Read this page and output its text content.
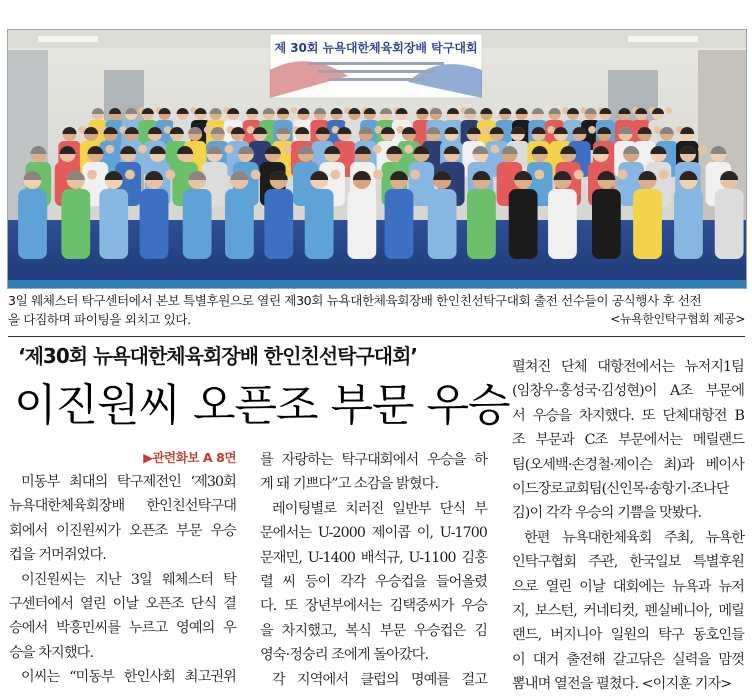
제 30회 뉴욕대한체육회장배 탁구대회
3일 웨체스터 탁구센터에서 본보 특별후원으로 열린 제30회 뉴욕대한체육회장배 한인친선탁구대회 출전 선수들이 공식행사 후 선전
을 다짐하며 파이팅을 외치고 있다.	<뉴욕한인탁구협회 제공>
‘제30회 뉴욕대한체육회장배 한인친선탁구대회’
이진원씨 오픈조 부문 우승
▶관련화보 A 8면
미동부 최대의 탁구제전인 ‘제30회
뉴욕대한체육회장배 한인친선탁구대
회에서 이진원씨가 오픈조 부문 우승
컵을 거머쥐었다.
이진원씨는 지난 3일 웨체스터 탁
구센터에서 열린 이날 오픈조 단식 결
승에서 박흥민씨를 누르고 영예의 우
승을 차지했다.
이씨는 “미동부 한인사회 최고권위
를 자랑하는 탁구대회에서 우승을 하
게 돼 기쁘다”고 소감을 밝혔다.
레이팅별로 치러진 일반부 단식 부
문에서는 U-2000 제이콥 이, U-1700
문재민, U-1400 배석규, U-1100 김홍
렬 씨 등이 각각 우승컵을 들어올렸
다. 또 장년부에서는 김택중씨가 우승
을 차지했고, 복식 부문 우승컵은 김
영숙·정숭리 조에게 돌아갔다.
각 지역에서 클럽의 명예를 걸고
펼쳐진 단체 대항전에서는 뉴저지1팀
(임창우·홍성국·김성현)이 A조 부문에
서 우승을 차지했다. 또 단체대항전 B
조 부문과 C조 부문에서는 메릴랜드
팀(오세백·손경철·제이슨 최)과 베이사
이드장로교회팀(신인목·송항기·조나단
김)이 각각 우승의 기쁨을 맛봤다.
한편 뉴욕대한체육회 주최, 뉴욕한
인탁구협회 주관, 한국일보 특별후원
으로 열린 이날 대회에는 뉴욕과 뉴저
지, 보스턴, 커네티컷, 펜실베니아, 메릴
랜드, 버지니아 일원의 탁구 동호인들
이 대거 출전해 갈고닦은 실력을 맘껏
뽐내며 열전을 펼쳤다. <이지훈 기자>
